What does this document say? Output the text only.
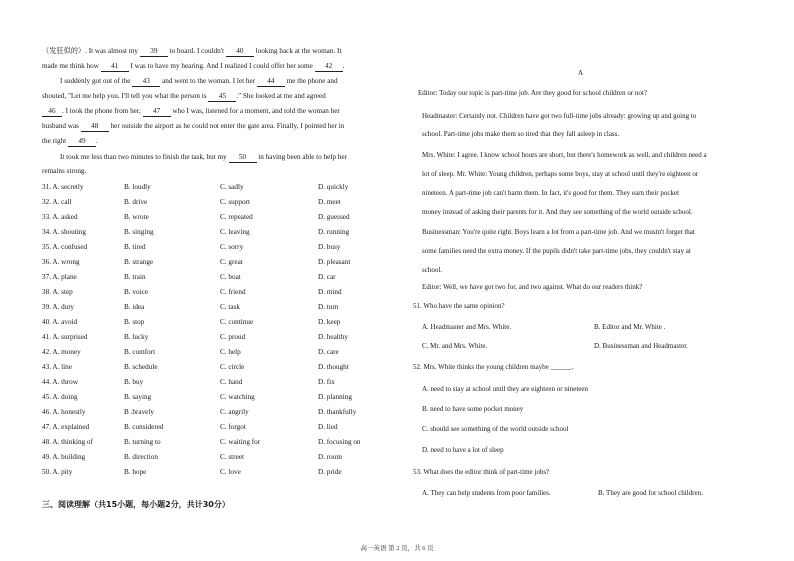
（发狂似的）. It was almost my 39 to board. I couldn't 40 looking back at the woman. It
made me think how 41 I was to have my hearing. And I realized I could offer her some 42 .
I suddenly got out of the 43 and went to the woman. I let her 44 me the phone and
shouted, "Let me help you. I'll tell you what the person is 45 ." She looked at me and agreed
46 . I took the phone from her, 47 who I was, listened for a moment, and told the woman her
husband was 48 her outside the airport as he could not enter the gate area. Finally, I pointed her in
the right 49 .
It took me less than two minutes to finish the task, but my 50 in having been able to help her
remains strong.
31. A. secretly	B. loudly	C. sadly	D. quickly
32. A. call	B. drive	C. support	D. meet
33. A. asked	B. wrote	C. repeated	D. guessed
34. A. shouting	B. singing	C. leaving	D. running
35. A. confused	B. tired	C. sorry	D. busy
36. A. wrong	B. strange	C. great	D. pleasant
37. A. plane	B. train	C. boat	D. car
38. A. step	B. voice	C. friend	D. mind
39. A. duty	B. idea	C. task	D. turn
40. A. avoid	B. stop	C. continue	D. keep
41. A. surprised	B. lucky	C. proud	D. healthy
42. A. money	B. comfort	C. help	D. care
43. A. line	B. schedule	C. circle	D. thought
44. A. throw	B. buy	C. hand	D. fix
45. A. doing	B. saying	C. watching	D. planning
46. A. honestly	B .bravely	C. angrily	D. thankfully
47. A. explained	B. considered	C. forgot	D. lied
48. A. thinking of	B. turning to	C. waiting for	D. focusing on
49. A. building	B. direction	C. street	D. room
50. A. pity	B. hope	C. love	D. pride
三、阅读理解（共15小题，每小题2分，共计30分）
A
Editor: Today our topic is part-time job. Are they good for school children or not?
Headmaster: Certainly not. Children have got two full-time jobs already: growing up and going to
school. Part-time jobs make them so tired that they fall asleep in class.
Mrs. White: I agree. I know school hours are short, but there's homework as well, and children need a
lot of sleep. Mr. White: Young children, perhaps some boys, stay at school until they're eighteen or
nineteen. A part-time job can't harm them. In fact, it's good for them. They earn their pocket
money instead of asking their parents for it. And they see something of the world outside school.
Businessman: You're quite right. Boys learn a lot from a part-time job. And we mustn't forget that
some families need the extra money. If the pupils didn't take part-time jobs, they couldn't stay at
school.
Editor: Well, we have got two for, and two against. What do our readers think?
51. Who have the same opinion?
A. Headmaster and Mrs. White.	B. Editor and Mr. White .
C. Mr. and Mrs. White.	D. Businessman and Headmaster.
52. Mrs. White thinks the young children maybe ______.
A. need to stay at school until they are eighteen or nineteen
B. need to have some pocket money
C. should see something of the world outside school
D. need to have a lot of sleep
53. What does the editor think of part-time jobs?
A. They can help students from poor families.	B. They are good for school children.
高一英语 第 2 页，共 6 页
